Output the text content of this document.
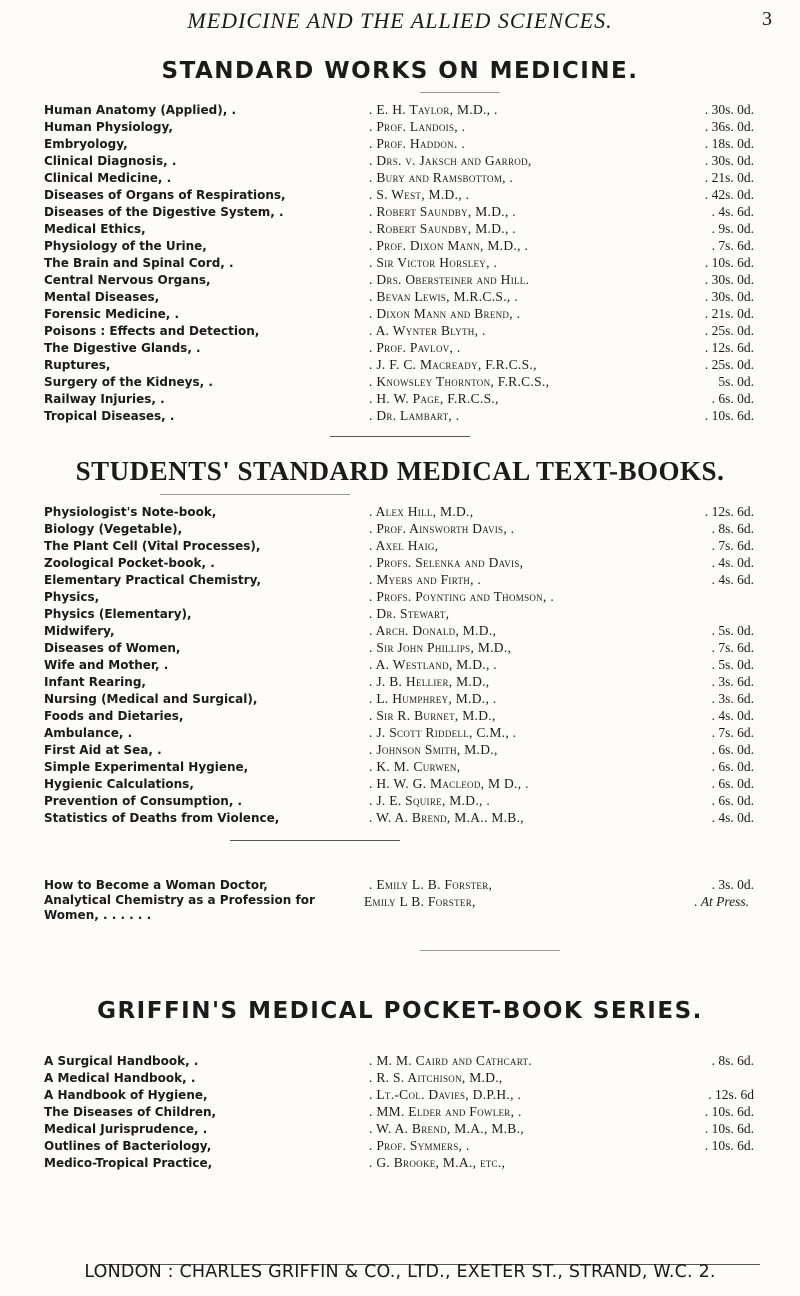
MEDICINE AND THE ALLIED SCIENCES.	3
STANDARD WORKS ON MEDICINE.
Human Anatomy (Applied), .	. E. H. Taylor, M.D., .	. 30s. 0d.
Human Physiology,	. Prof. Landois, .	. 36s. 0d.
Embryology,	. Prof. Haddon. .	. 18s. 0d.
Clinical Diagnosis, .	. Drs. v. Jaksch and Garrod,	. 30s. 0d.
Clinical Medicine, .	. Bury and Ramsbottom, .	. 21s. 0d.
Diseases of Organs of Respirations,	. S. West, M.D., .	. 42s. 0d.
Diseases of the Digestive System, .	. Robert Saundby, M.D., .	. 4s. 6d.
Medical Ethics,	. Robert Saundby, M.D., .	. 9s. 0d.
Physiology of the Urine,	. Prof. Dixon Mann, M.D., .	. 7s. 6d.
The Brain and Spinal Cord, .	. Sir Victor Horsley, .	. 10s. 6d.
Central Nervous Organs,	. Drs. Obersteiner and Hill.	. 30s. 0d.
Mental Diseases,	. Bevan Lewis, M.R.C.S., .	. 30s. 0d.
Forensic Medicine, .	. Dixon Mann and Brend, .	. 21s. 0d.
Poisons : Effects and Detection,	. A. Wynter Blyth, .	. 25s. 0d.
The Digestive Glands, .	. Prof. Pavlov, .	. 12s. 6d.
Ruptures,	. J. F. C. Macready, F.R.C.S.,	. 25s. 0d.
Surgery of the Kidneys, .	. Knowsley Thornton, F.R.C.S.,	5s. 0d.
Railway Injuries, .	. H. W. Page, F.R.C.S.,	. 6s. 0d.
Tropical Diseases, .	. Dr. Lambart, .	. 10s. 6d.
STUDENTS' STANDARD MEDICAL TEXT-BOOKS.
Physiologist's Note-book,	. Alex Hill, M.D.,	. 12s. 6d.
Biology (Vegetable),	. Prof. Ainsworth Davis, .	. 8s. 6d.
The Plant Cell (Vital Processes),	. Axel Haig,	. 7s. 6d.
Zoological Pocket-book, .	. Profs. Selenka and Davis,	. 4s. 0d.
Elementary Practical Chemistry,	. Myers and Firth, .	. 4s. 6d.
Physics,	. Profs. Poynting and Thomson, .
Physics (Elementary),	. Dr. Stewart,
Midwifery,	. Arch. Donald, M.D.,	. 5s. 0d.
Diseases of Women,	. Sir John Phillips, M.D.,	. 7s. 6d.
Wife and Mother, .	. A. Westland, M.D., .	. 5s. 0d.
Infant Rearing,	. J. B. Hellier, M.D.,	. 3s. 6d.
Nursing (Medical and Surgical),	. L. Humphrey, M.D., .	. 3s. 6d.
Foods and Dietaries,	. Sir R. Burnet, M.D.,	. 4s. 0d.
Ambulance, .	. J. Scott Riddell, C.M., .	. 7s. 6d.
First Aid at Sea, .	. Johnson Smith, M.D.,	. 6s. 0d.
Simple Experimental Hygiene,	. K. M. Curwen,	. 6s. 0d.
Hygienic Calculations,	. H. W. G. Macleod, M D., .	. 6s. 0d.
Prevention of Consumption, .	. J. E. Squire, M.D., .	. 6s. 0d.
Statistics of Deaths from Violence,	. W. A. Brend, M.A.. M.B.,	. 4s. 0d.
How to Become a Woman Doctor,	. Emily L. B. Forster,	. 3s. 0d.
Analytical Chemistry as a Profession for Women, . . . . . .
Emily L B. Forster,	. At Press.
GRIFFIN'S MEDICAL POCKET-BOOK SERIES.
A Surgical Handbook, .	. M. M. Caird and Cathcart.	. 8s. 6d.
A Medical Handbook, .	. R. S. Aitchison, M.D.,
A Handbook of Hygiene,	. Lt.-Col. Davies, D.P.H., .	. 12s. 6d
The Diseases of Children,	. MM. Elder and Fowler, .	. 10s. 6d.
Medical Jurisprudence, .	. W. A. Brend, M.A., M.B.,	. 10s. 6d.
Outlines of Bacteriology,	. Prof. Symmers, .	. 10s. 6d.
Medico-Tropical Practice,	. G. Brooke, M.A., etc.,
LONDON : CHARLES GRIFFIN & CO., LTD., EXETER ST., STRAND, W.C. 2.
